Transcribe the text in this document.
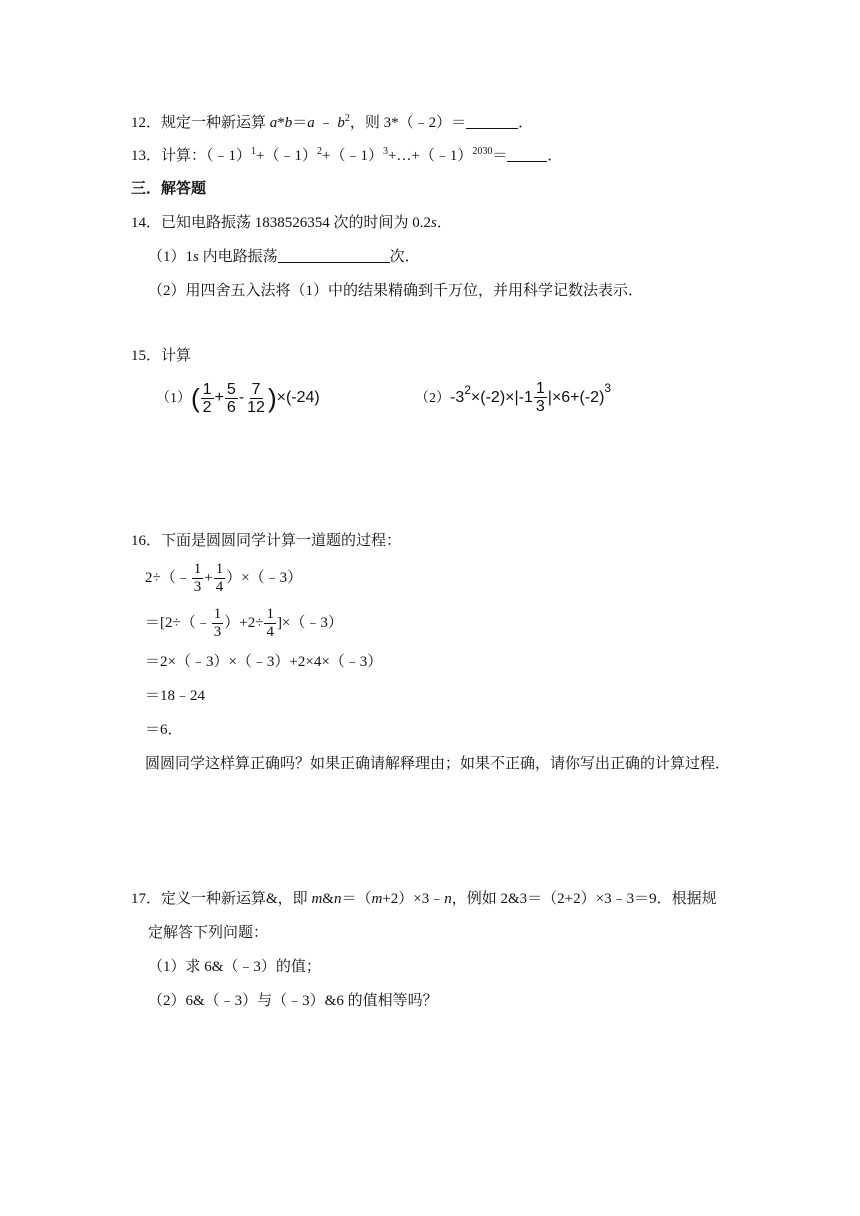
12．规定一种新运算 a*b＝a ﹣ $b^2$，则 3*（﹣2）＝	．
13．计算：（﹣1）$^1$+（﹣1）$^2$+（﹣1）$^3$+…+（﹣1）$^{2030}$＝	．
三．解答题
14．已知电路振荡 1838526354 次的时间为 0.2s．
（1）1s 内电路振荡	次．
（2）用四舍五入法将（1）中的结果精确到千万位，并用科学记数法表示．
15．计算
$(1)( \frac{1}{2} + \frac{5}{6} - \frac{7}{12} )\times(-24)$	$(2)-3^2\times(-2)\times|-1 \frac{1}{3} |\times 6+(-2)^3$
16．下面是圆圆同学计算一道题的过程：
2÷（﹣ $\frac{1}{3} + \frac{1}{4}$ ）×（﹣3）
＝[2÷（﹣ $\frac{1}{3} )+2\div \frac{1}{4}$ ]×（﹣3）
＝2×（﹣3）×（﹣3）+2×4×（﹣3）
＝18﹣24
＝6．
圆圆同学这样算正确吗？如果正确请解释理由；如果不正确，请你写出正确的计算过程．
17．定义一种新运算&，即 m&n＝（m+2）×3﹣n，例如 2&3＝（2+2）×3﹣3＝9．根据规
定解答下列问题：
（1）求 6&（﹣3）的值；
（2）6&（﹣3）与（﹣3）&6 的值相等吗？
